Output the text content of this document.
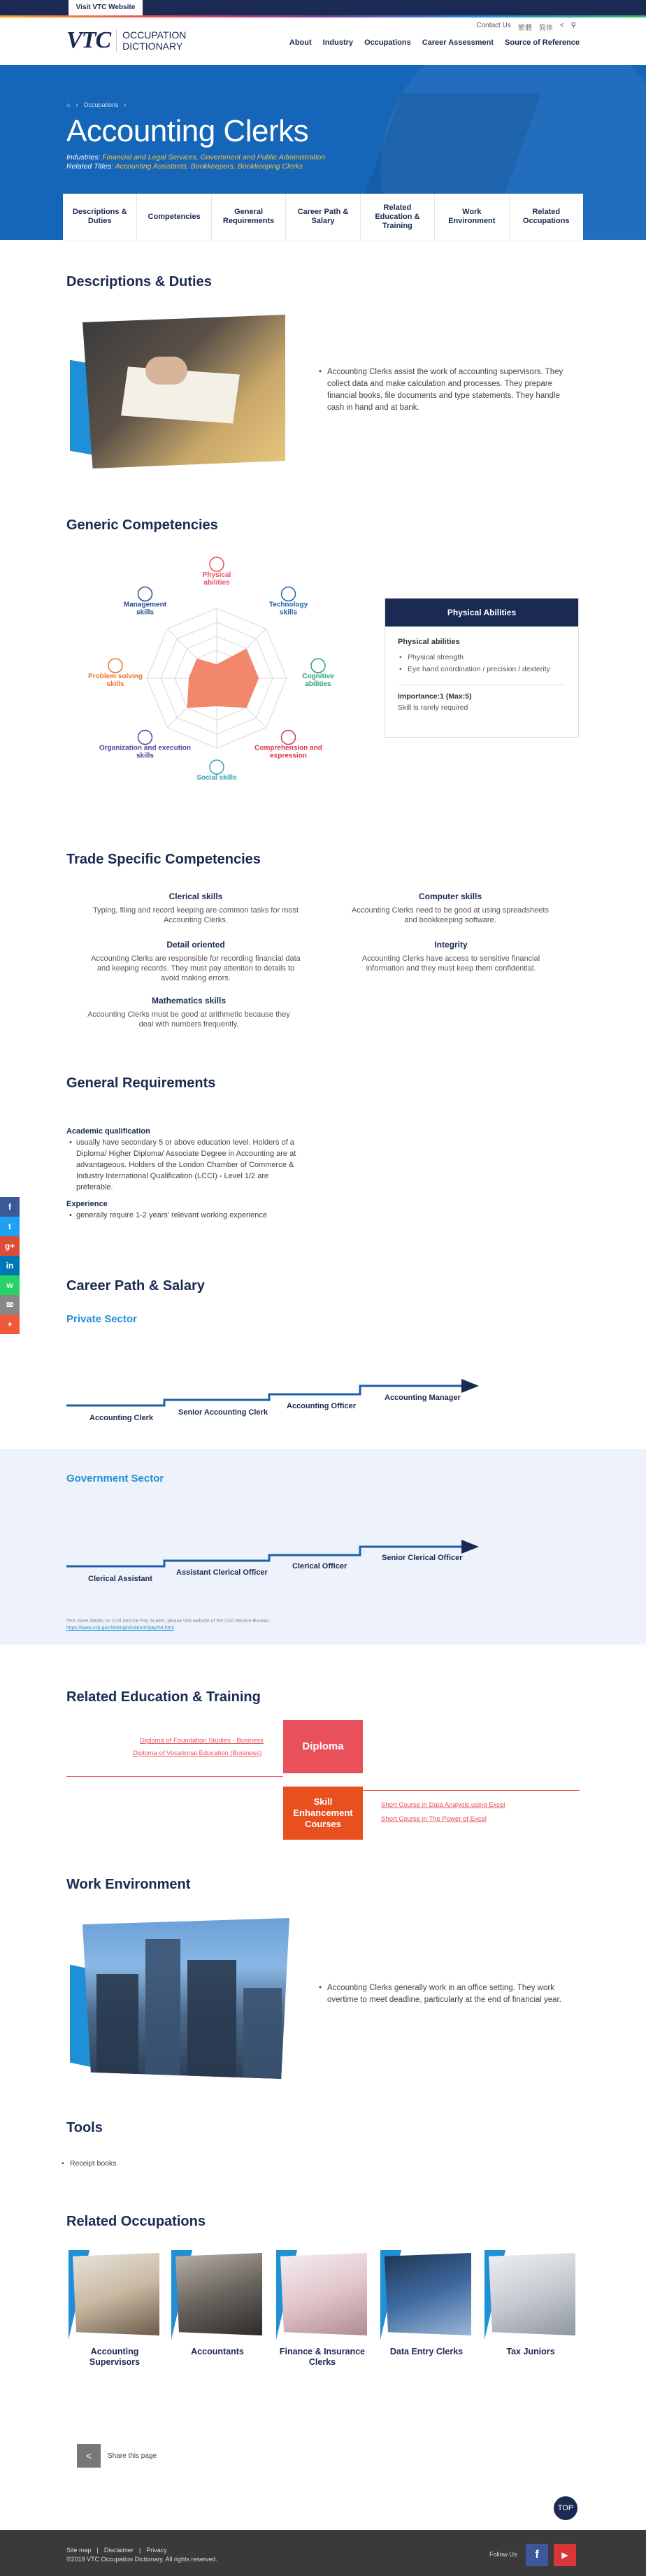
Visit VTC Website
Contact Us 繁體 简体 < ⚲
VTC	OCCUPATION
DICTIONARY	About Industry Occupations Career Assessment Source of Reference
⌂ › Occupations ›
Accounting Clerks
Industries: Financial and Legal Services, Government and Public Administration
Related Titles: Accounting Assistants, Bookkeepers, Bookkeeping Clerks
Descriptions & Duties
Competencies
General Requirements
Career Path & Salary
Related Education & Training
Work Environment
Related Occupations
Descriptions & Duties
• Accounting Clerks assist the work of accounting supervisors. They collect data and make calculation and processes. They prepare financial books, file documents and type statements. They handle cash in hand and at bank.
Generic Competencies
Physical
abilities
Technology
skills
Cognitive
abilities
Comprehension and
expression
Social skills
Organization and execution
skills
Problem solving
skills
Management
skills	Physical Abilities
Physical abilities
• Physical strength
• Eye hand coordination / precision / dexterity
Importance:1 (Max:5)
Skill is rarely required
Trade Specific Competencies
Clerical skills
Typing, filing and record keeping are common tasks for most Accounting Clerks.
Computer skills
Accounting Clerks need to be good at using spreadsheets and bookkeeping software.
Detail oriented
Accounting Clerks are responsible for recording financial data and keeping records. They must pay attention to details to avoid making errors.
Integrity
Accounting Clerks have access to sensitive financial information and they must keep them confidential.
Mathematics skills
Accounting Clerks must be good at arithmetic because they deal with numbers frequently.
General Requirements
Academic qualification
• usually have secondary 5 or above education level. Holders of a Diploma/ Higher Diploma/ Associate Degree in Accounting are at advantageous. Holders of the London Chamber of Commerce & Industry International Qualification (LCCI) - Level 1/2 are preferable.
Experience
• generally require 1-2 years' relevant working experience
f
t
g+
in
w
✉
+
Career Path & Salary
Private Sector
Accounting Clerk
Senior Accounting Clerk
Accounting Officer
Accounting Manager
Government Sector
Clerical Assistant
Assistant Clerical Officer
Clerical Officer
Senior Clerical Officer
*For more details on Civil Service Pay Scales, please visit website of the Civil Service Bureau:
https://www.csb.gov.hk/english/admin/pay/53.html
Related Education & Training
Diploma
Diploma of Foundation Studies - Business
Diploma of Vocational Education (Business)
Skill Enhancement Courses
Short Course in Data Analysis using Excel
Short Course in The Power of Excel
Work Environment
• Accounting Clerks generally work in an office setting. They work overtime to meet deadline, particularly at the end of financial year.
Tools
• Receipt books
Related Occupations
Accounting Supervisors
Accountants	Finance & Insurance Clerks
Data Entry Clerks	Tax Juniors
<	Share this page
TOP
Site map | Disclaimer | Privacy
©2019 VTC Occupation Dictionary. All rights reserved.
Follow Us	f	▶
